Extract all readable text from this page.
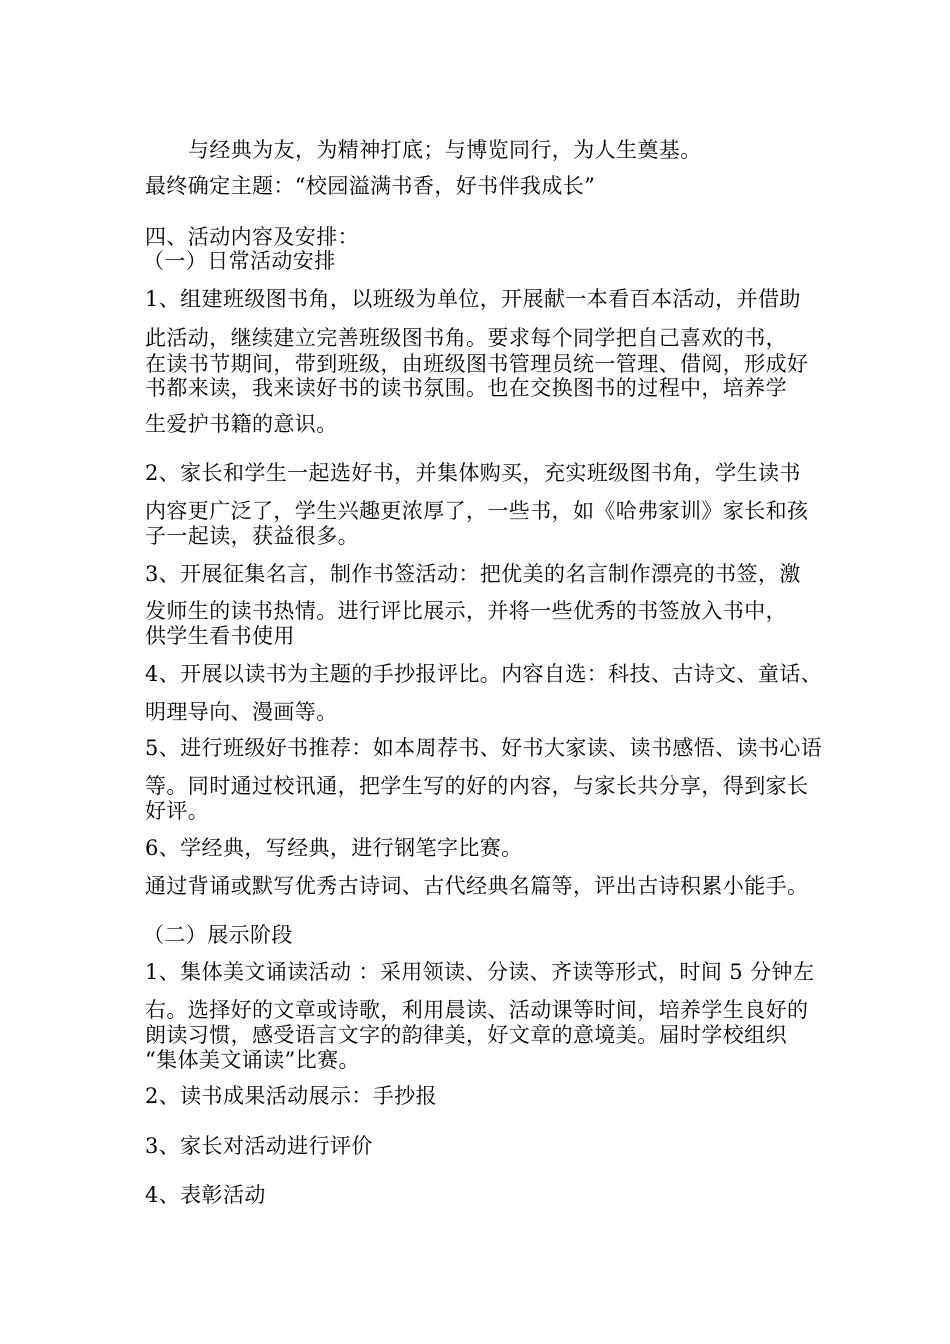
与经典为友，为精神打底；与博览同行，为人生奠基。
最终确定主题：“校园溢满书香，好书伴我成长”
四、活动内容及安排：
（一）日常活动安排
1、组建班级图书角，以班级为单位，开展献一本看百本活动，并借助
此活动，继续建立完善班级图书角。要求每个同学把自己喜欢的书，
在读书节期间，带到班级，由班级图书管理员统一管理、借阅，形成好
书都来读，我来读好书的读书氛围。也在交换图书的过程中，培养学
生爱护书籍的意识。
2、家长和学生一起选好书，并集体购买，充实班级图书角，学生读书
内容更广泛了，学生兴趣更浓厚了，一些书，如《哈弗家训》家长和孩
子一起读，获益很多。
3、开展征集名言，制作书签活动：把优美的名言制作漂亮的书签，激
发师生的读书热情。进行评比展示，并将一些优秀的书签放入书中，
供学生看书使用
4、开展以读书为主题的手抄报评比。内容自选：科技、古诗文、童话、
明理导向、漫画等。
5、进行班级好书推荐：如本周荐书、好书大家读、读书感悟、读书心语
等。同时通过校讯通，把学生写的好的内容，与家长共分享，得到家长
好评。
6、学经典，写经典，进行钢笔字比赛。
通过背诵或默写优秀古诗词、古代经典名篇等，评出古诗积累小能手。
（二）展示阶段
1、集体美文诵读活动 ：采用领读、分读、齐读等形式，时间 5 分钟左
右。选择好的文章或诗歌，利用晨读、活动课等时间，培养学生良好的
朗读习惯，感受语言文字的韵律美，好文章的意境美。届时学校组织
“集体美文诵读”比赛。
2、读书成果活动展示：手抄报
3、家长对活动进行评价
4、表彰活动
